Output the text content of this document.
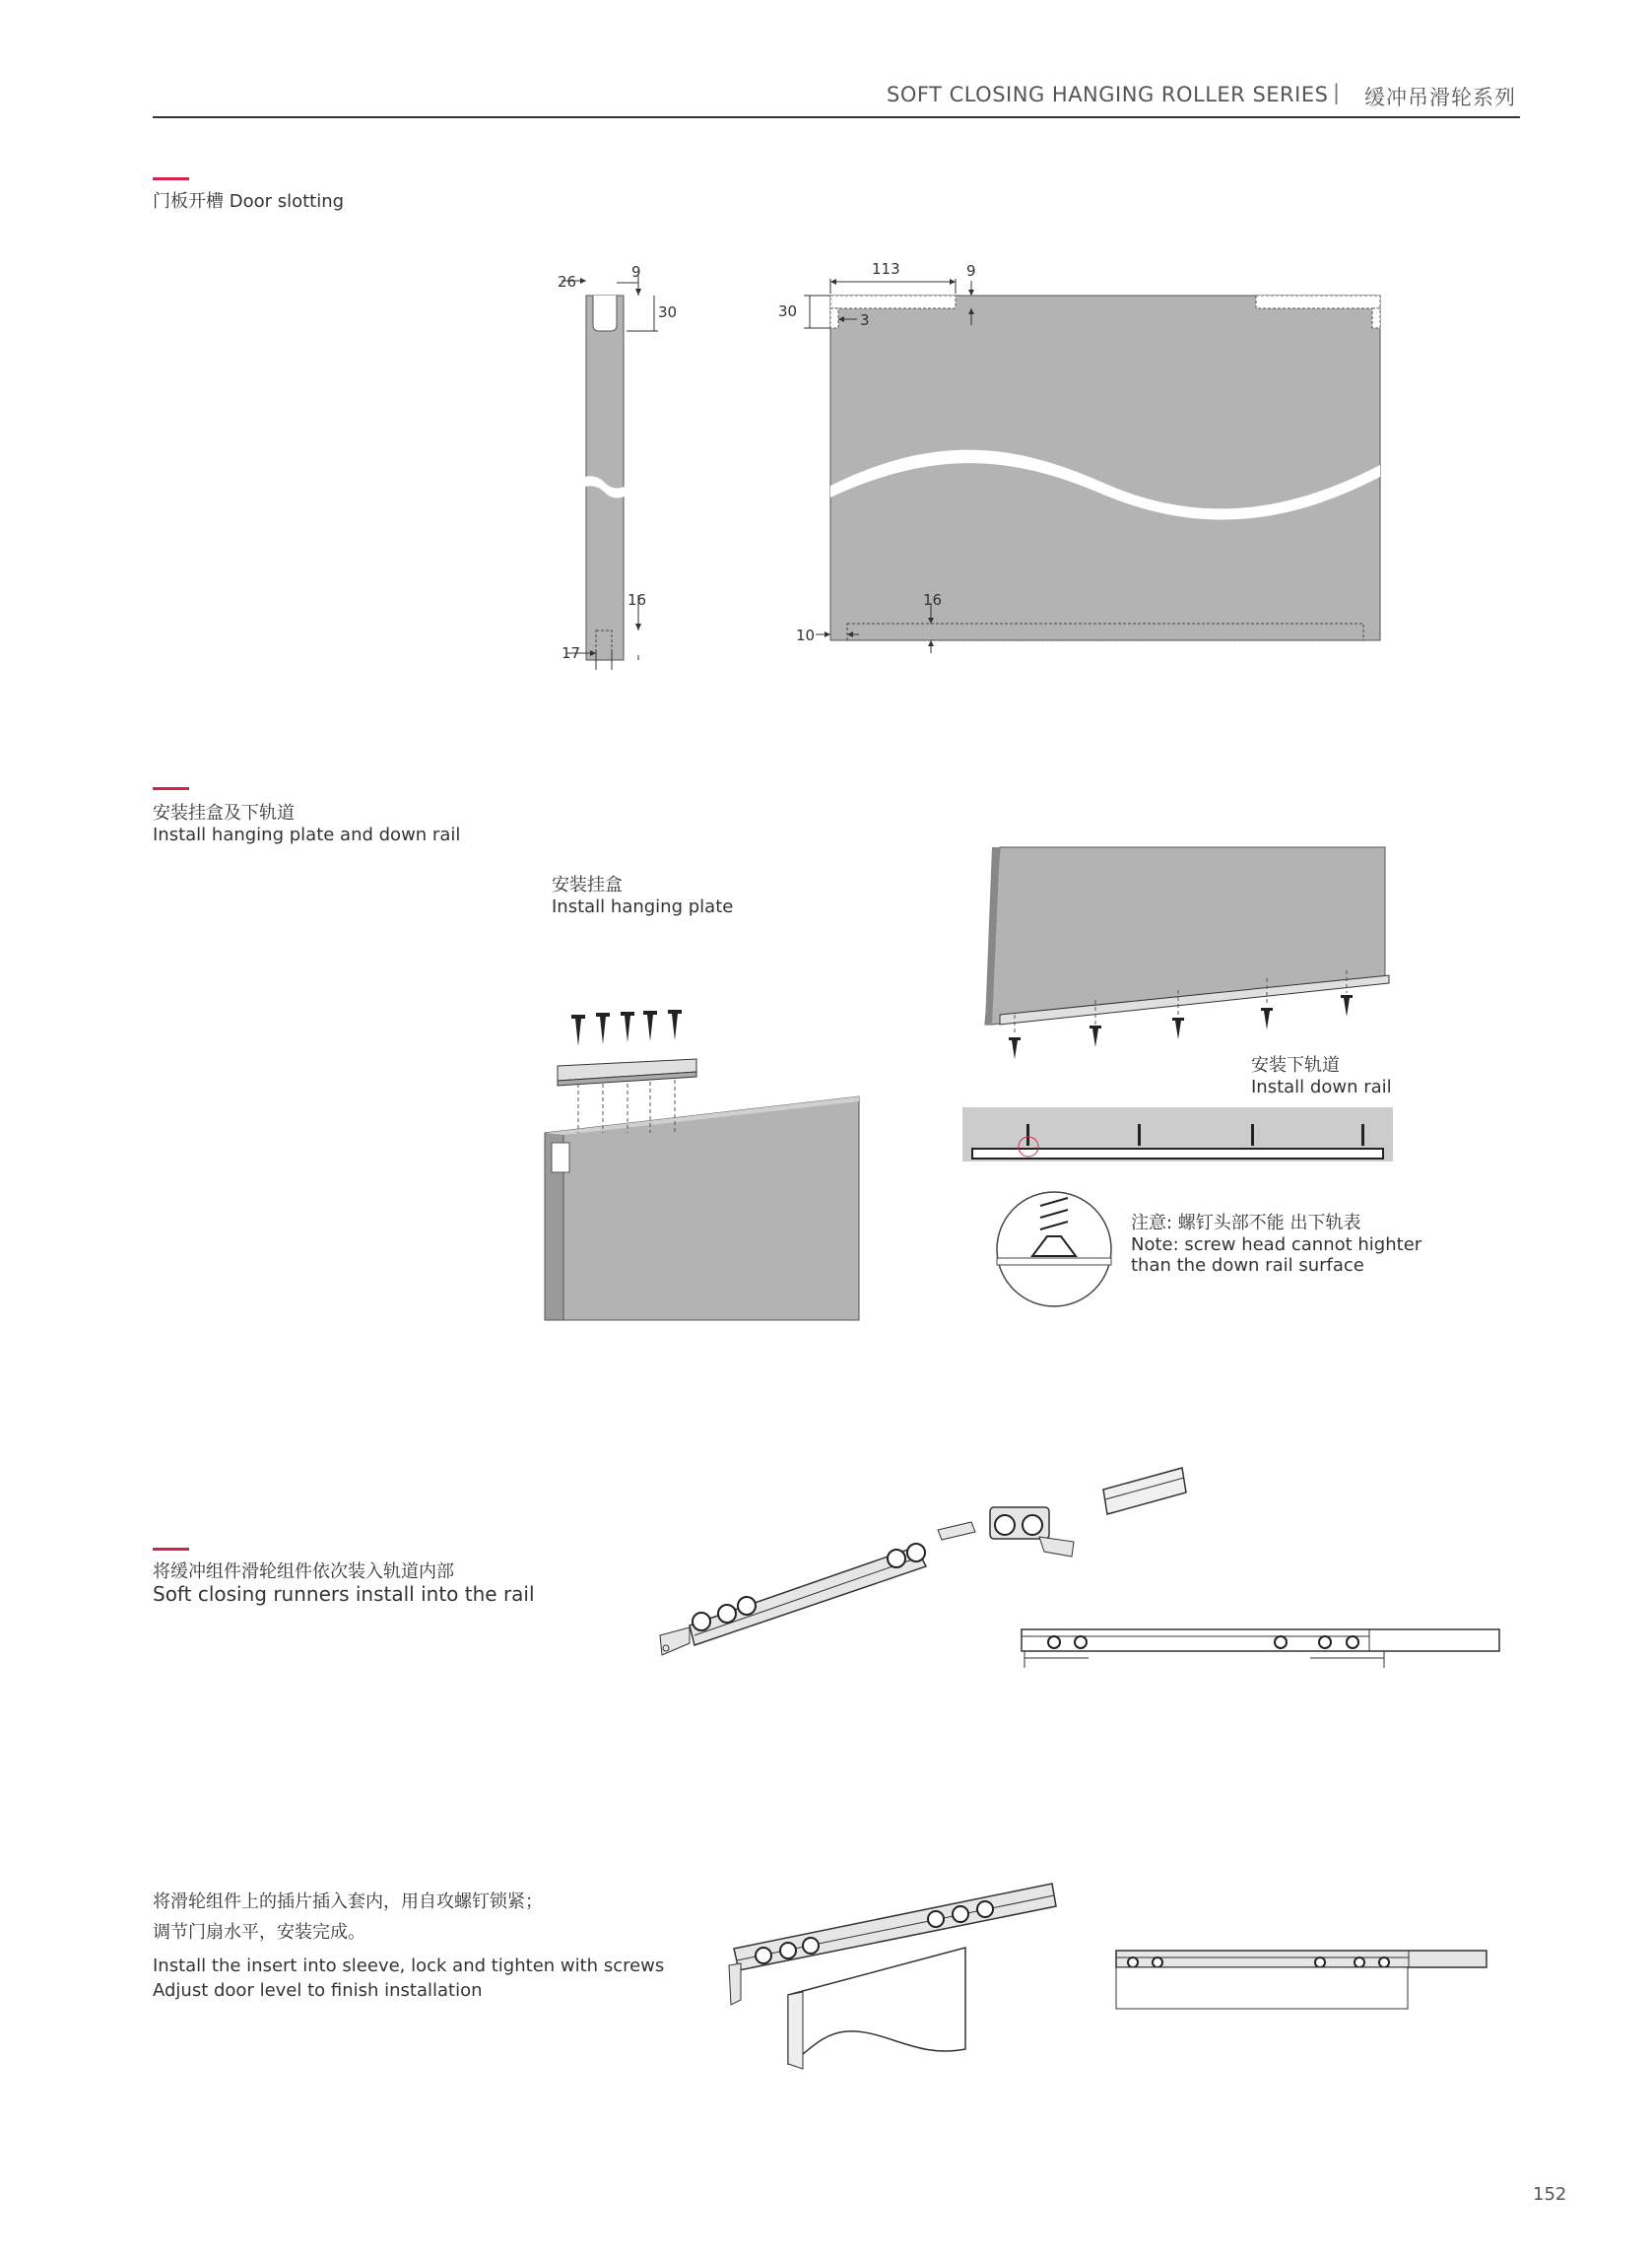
SOFT CLOSING HANGING ROLLER SERIES | 缓冲吊滑轮系列
门板开槽 Door slotting
安装挂盒及下轨道
Install hanging plate and down rail
安装挂盒
Install hanging plate
安装下轨道
Install down rail
注意: 螺钉头部不能 出下轨表
Note: screw head cannot highter
than the down rail surface
将缓冲组件滑轮组件依次装入轨道内部
Soft closing runners install into the rail
将滑轮组件上的插片插入套内，用自攻螺钉锁紧；
调节门扇水平，安装完成。
Install the insert into sleeve, lock and tighten with screws
Adjust door level to finish installation
152
26
9
30
16
17
113	9
30	3
16
10
